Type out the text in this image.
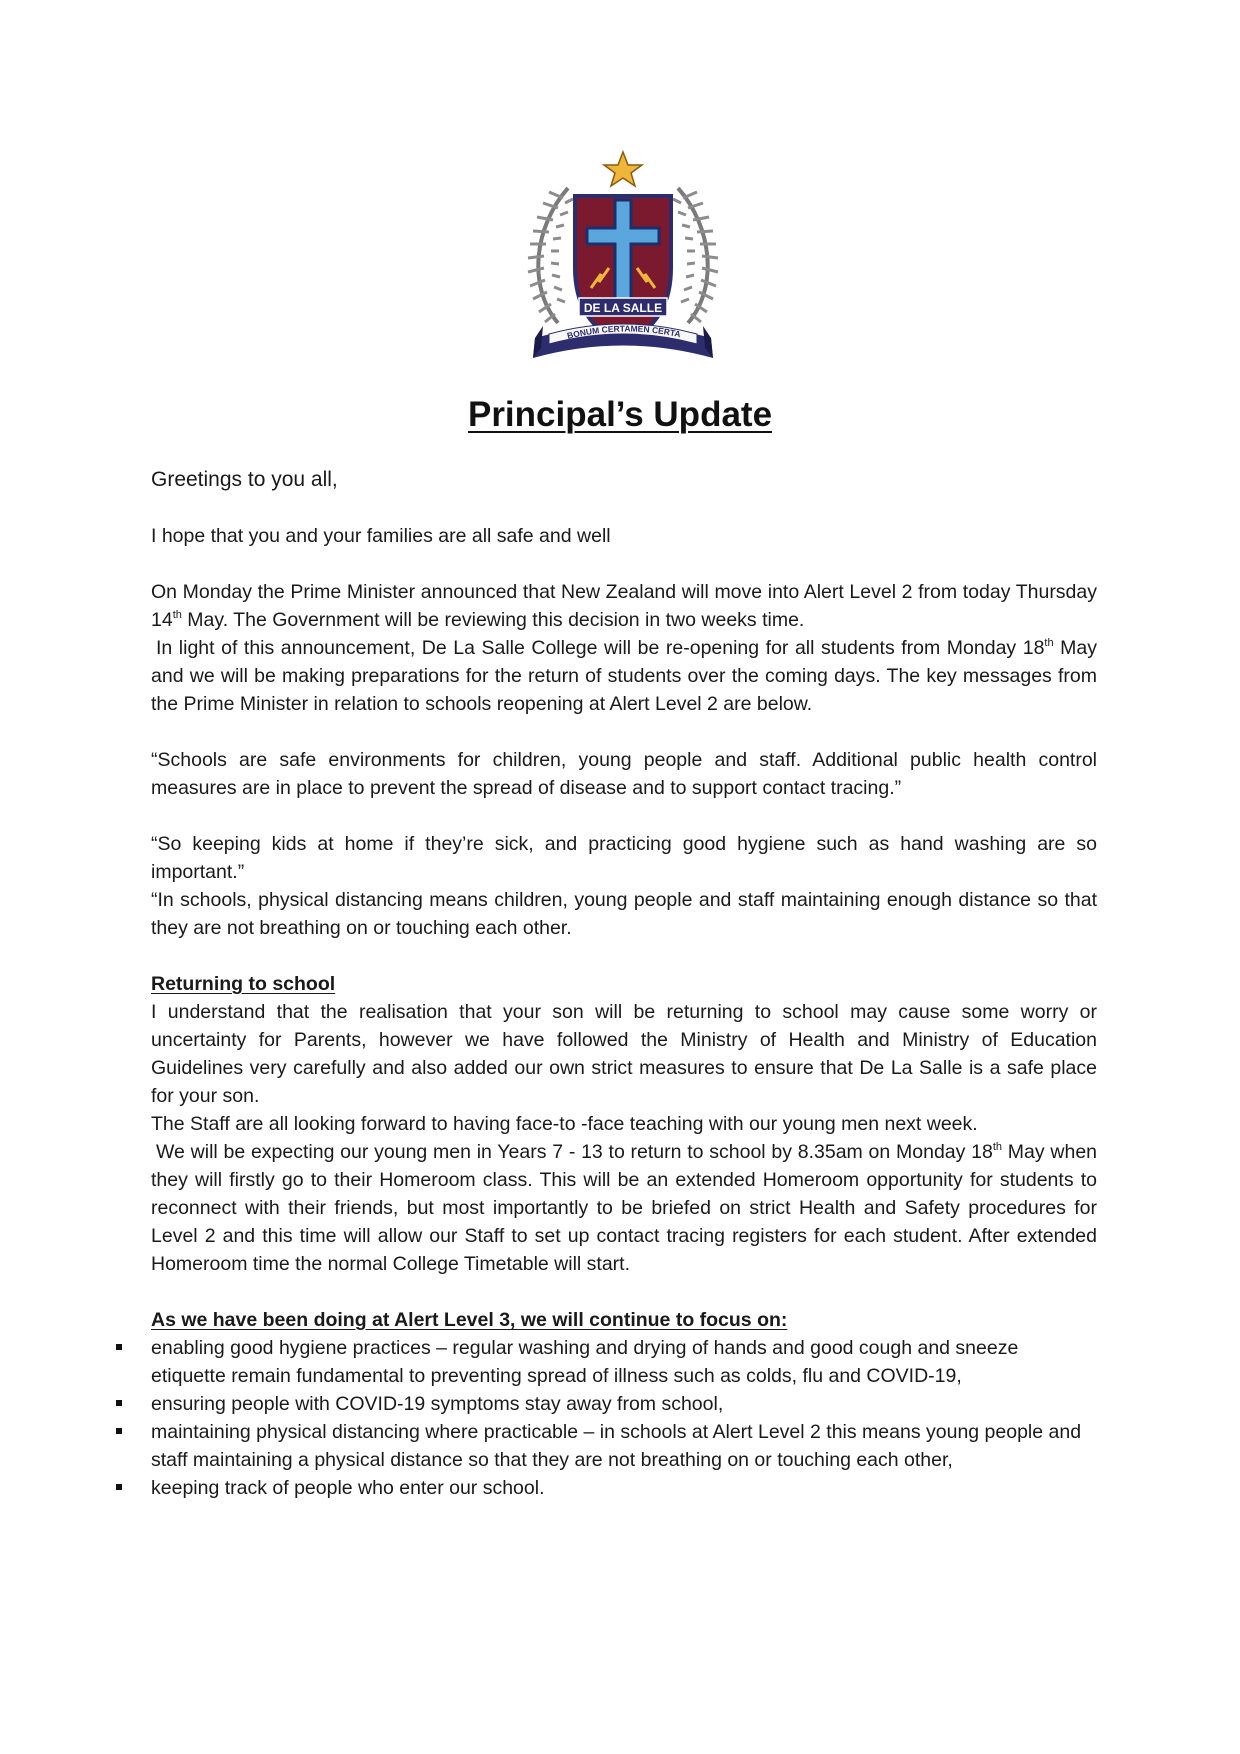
DE LA SALLE
BONUM CERTAMEN CERTA
Principal’s Update

Greetings to you all,

I hope that you and your families are all safe and well

On Monday the Prime Minister announced that New Zealand will move into Alert Level 2 from today Thursday 14th May. The Government will be reviewing this decision in two weeks time.

In light of this announcement, De La Salle College will be re-opening for all students from Monday 18th May and we will be making preparations for the return of students over the coming days. The key messages from the Prime Minister in relation to schools reopening at Alert Level 2 are below.

“Schools are safe environments for children, young people and staff. Additional public health control measures are in place to prevent the spread of disease and to support contact tracing.”

“So keeping kids at home if they’re sick, and practicing good hygiene such as hand washing are so important.”

“In schools, physical distancing means children, young people and staff maintaining enough distance so that they are not breathing on or touching each other.

Returning to school

I understand that the realisation that your son will be returning to school may cause some worry or uncertainty for Parents, however we have followed the Ministry of Health and Ministry of Education Guidelines very carefully and also added our own strict measures to ensure that De La Salle is a safe place for your son.

The Staff are all looking forward to having face-to -face teaching with our young men next week.

We will be expecting our young men in Years 7 - 13 to return to school by 8.35am on Monday 18th May when they will firstly go to their Homeroom class. This will be an extended Homeroom opportunity for students to reconnect with their friends, but most importantly to be briefed on strict Health and Safety procedures for Level 2 and this time will allow our Staff to set up contact tracing registers for each student. After extended Homeroom time the normal College Timetable will start.

As we have been doing at Alert Level 3, we will continue to focus on:

enabling good hygiene practices – regular washing and drying of hands and good cough and sneeze etiquette remain fundamental to preventing spread of illness such as colds, flu and COVID-19,
ensuring people with COVID-19 symptoms stay away from school,
maintaining physical distancing where practicable – in schools at Alert Level 2 this means young people and staff maintaining a physical distance so that they are not breathing on or touching each other,
keeping track of people who enter our school.
